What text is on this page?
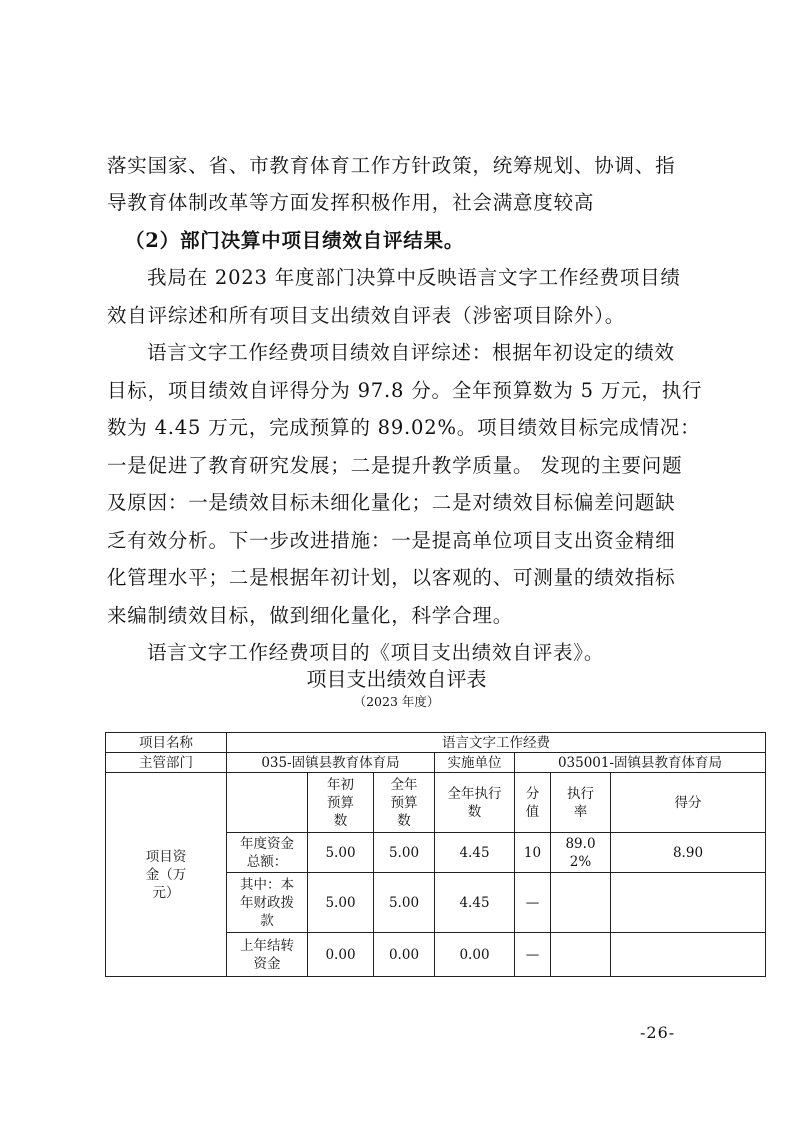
落实国家、省、市教育体育工作方针政策，统筹规划、协调、指
导教育体制改革等方面发挥积极作用，社会满意度较高
（2）部门决算中项目绩效自评结果。
我局在 2023 年度部门决算中反映语言文字工作经费项目绩
效自评综述和所有项目支出绩效自评表（涉密项目除外）。
语言文字工作经费项目绩效自评综述：根据年初设定的绩效
目标，项目绩效自评得分为 97.8 分。全年预算数为 5 万元，执行
数为 4.45 万元，完成预算的 89.02%。项目绩效目标完成情况：
一是促进了教育研究发展；二是提升教学质量。 发现的主要问题
及原因：一是绩效目标未细化量化；二是对绩效目标偏差问题缺
乏有效分析。下一步改进措施：一是提高单位项目支出资金精细
化管理水平；二是根据年初计划，以客观的、可测量的绩效指标
来编制绩效目标，做到细化量化，科学合理。
语言文字工作经费项目的《项目支出绩效自评表》。
项目支出绩效自评表
（2023 年度）
项目名称	语言文字工作经费						
主管部门	035-固镇县教育体育局			实施单位	035001-固镇县教育体育局		

项目资金（万元）		年初预算数	全年预算数	全年执行数	分值	执行率	得分

	年度资金总额：	5.00	5.00	4.45	10	89.02%	8.90

	其中：本年财政拨款	5.00	5.00	4.45	—		

	上年结转资金	0.00	0.00	0.00	—		
-26-
